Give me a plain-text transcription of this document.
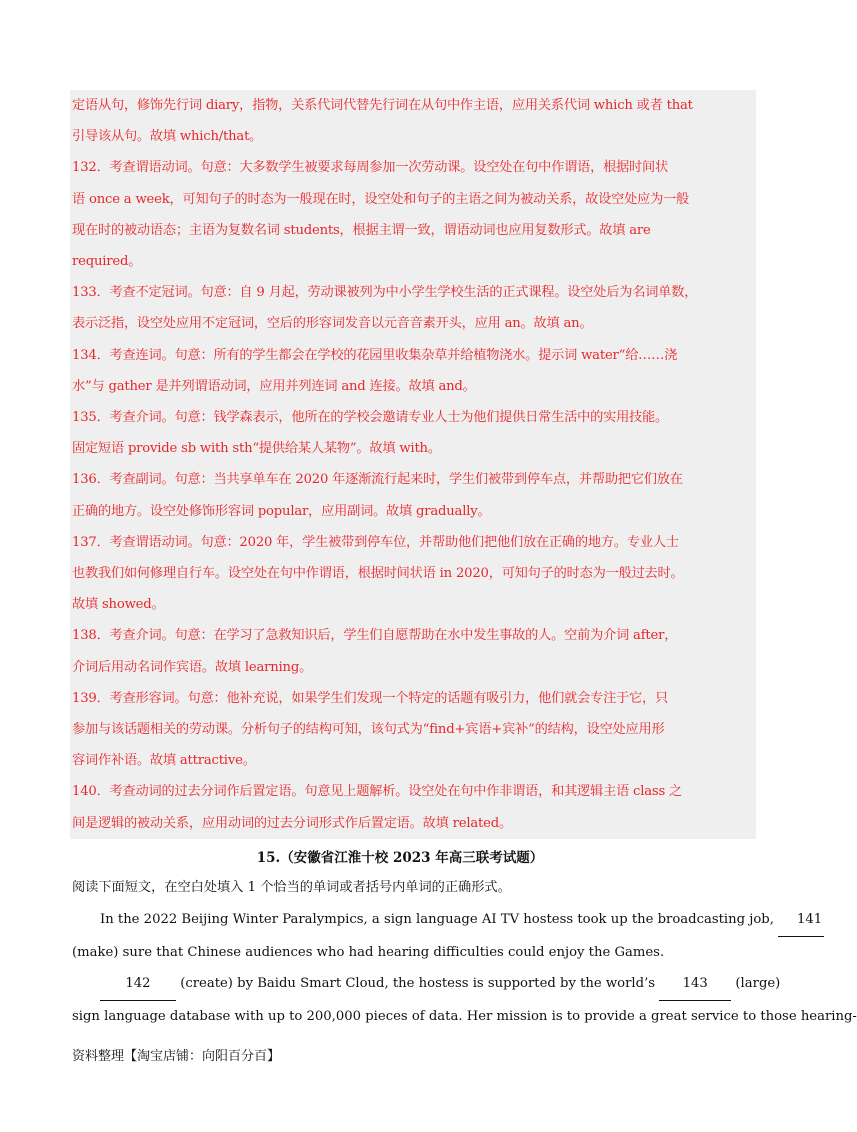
定语从句，修饰先行词 diary，指物，关系代词代替先行词在从句中作主语，应用关系代词 which 或者 that

引导该从句。故填 which/that。

132．考查谓语动词。句意：大多数学生被要求每周参加一次劳动课。设空处在句中作谓语，根据时间状

语 once a week，可知句子的时态为一般现在时，设空处和句子的主语之间为被动关系，故设空处应为一般

现在时的被动语态；主语为复数名词 students，根据主谓一致，谓语动词也应用复数形式。故填 are

required。

133．考查不定冠词。句意：自 9 月起，劳动课被列为中小学生学校生活的正式课程。设空处后为名词单数，

表示泛指，设空处应用不定冠词，空后的形容词发音以元音音素开头，应用 an。故填 an。

134．考查连词。句意：所有的学生都会在学校的花园里收集杂草并给植物浇水。提示词 water“给……浇

水”与 gather 是并列谓语动词，应用并列连词 and 连接。故填 and。

135．考查介词。句意：钱学森表示，他所在的学校会邀请专业人士为他们提供日常生活中的实用技能。

固定短语 provide sb with sth“提供给某人某物”。故填 with。

136．考查副词。句意：当共享单车在 2020 年逐渐流行起来时，学生们被带到停车点，并帮助把它们放在

正确的地方。设空处修饰形容词 popular，应用副词。故填 gradually。

137．考查谓语动词。句意：2020 年，学生被带到停车位，并帮助他们把他们放在正确的地方。专业人士

也教我们如何修理自行车。设空处在句中作谓语，根据时间状语 in 2020，可知句子的时态为一般过去时。

故填 showed。

138．考查介词。句意：在学习了急救知识后，学生们自愿帮助在水中发生事故的人。空前为介词 after，

介词后用动名词作宾语。故填 learning。

139．考查形容词。句意：他补充说，如果学生们发现一个特定的话题有吸引力，他们就会专注于它，只

参加与该话题相关的劳动课。分析句子的结构可知，该句式为“find+宾语+宾补”的结构，设空处应用形

容词作补语。故填 attractive。

140．考查动词的过去分词作后置定语。句意见上题解析。设空处在句中作非谓语，和其逻辑主语 class 之

间是逻辑的被动关系，应用动词的过去分词形式作后置定语。故填 related。

15.（安徽省江淮十校 2023 年高三联考试题）
阅读下面短文，在空白处填入 1 个恰当的单词或者括号内单词的正确形式。

In the 2022 Beijing Winter Paralympics, a sign language AI TV hostess took up the broadcasting job, 141

(make) sure that Chinese audiences who had hearing difficulties could enjoy the Games.

142 (create) by Baidu Smart Cloud, the hostess is supported by the world’s 143 (large)

sign language database with up to 200,000 pieces of data. Her mission is to provide a great service to those hearing-

资料整理【淘宝店铺：向阳百分百】
